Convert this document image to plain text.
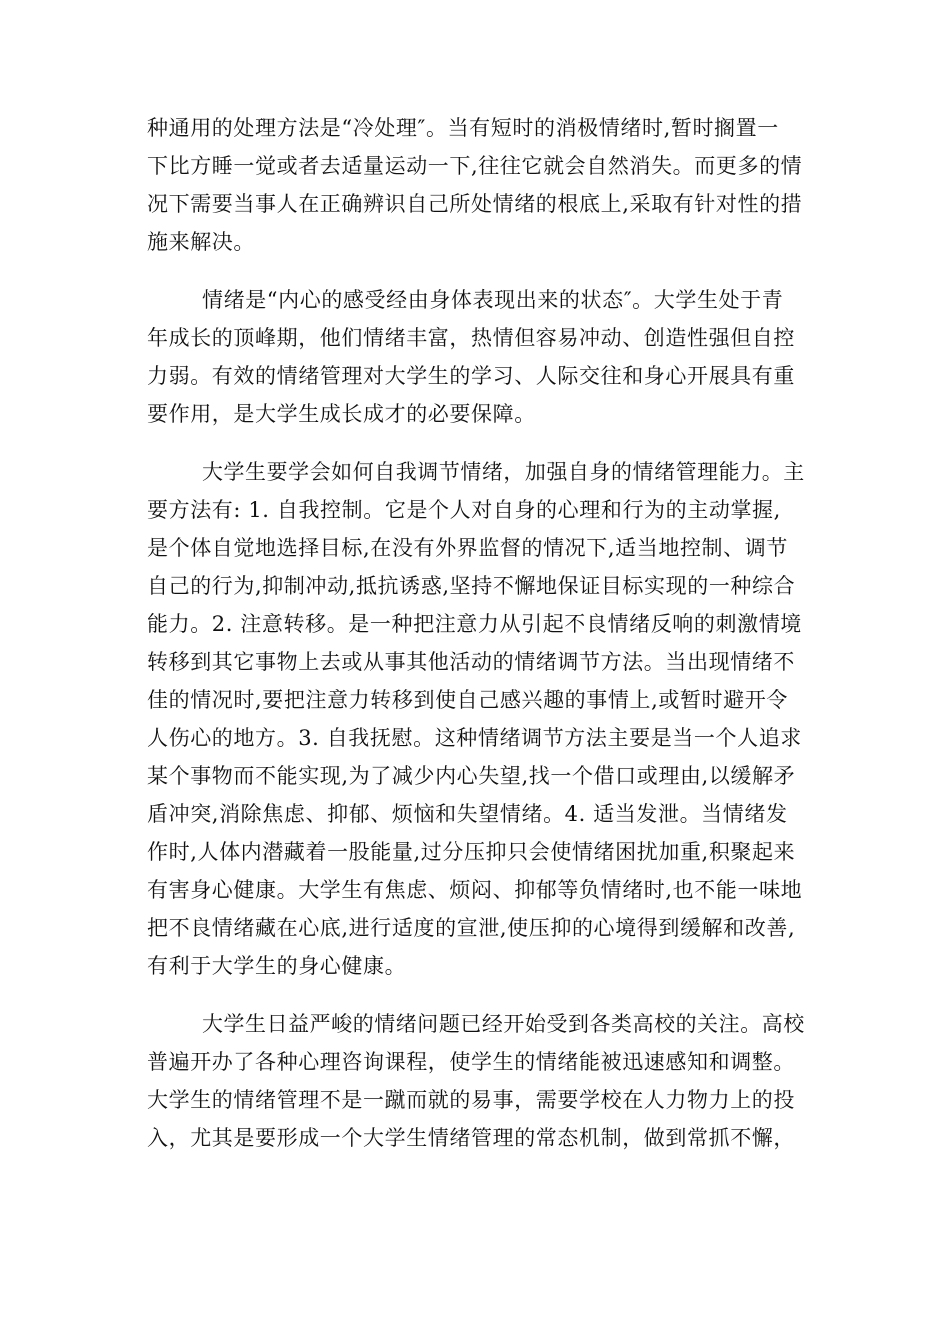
种通用的处理方法是“冷处理″。当有短时的消极情绪时,暂时搁置一
下比方睡一觉或者去适量运动一下,往往它就会自然消失。而更多的情
况下需要当事人在正确辨识自己所处情绪的根底上,采取有针对性的措
施来解决。
情绪是“内心的感受经由身体表现出来的状态″。大学生处于青
年成长的顶峰期，他们情绪丰富，热情但容易冲动、创造性强但自控
力弱。有效的情绪管理对大学生的学习、人际交往和身心开展具有重
要作用，是大学生成长成才的必要保障。
大学生要学会如何自我调节情绪，加强自身的情绪管理能力。主
要方法有: 1. 自我控制。它是个人对自身的心理和行为的主动掌握,
是个体自觉地选择目标,在没有外界监督的情况下,适当地控制、调节
自己的行为,抑制冲动,抵抗诱惑,坚持不懈地保证目标实现的一种综合
能力。2. 注意转移。是一种把注意力从引起不良情绪反响的刺激情境
转移到其它事物上去或从事其他活动的情绪调节方法。当出现情绪不
佳的情况时,要把注意力转移到使自己感兴趣的事情上,或暂时避开令
人伤心的地方。3. 自我抚慰。这种情绪调节方法主要是当一个人追求
某个事物而不能实现,为了减少内心失望,找一个借口或理由,以缓解矛
盾冲突,消除焦虑、抑郁、烦恼和失望情绪。4. 适当发泄。当情绪发
作时,人体内潜藏着一股能量,过分压抑只会使情绪困扰加重,积聚起来
有害身心健康。大学生有焦虑、烦闷、抑郁等负情绪时,也不能一味地
把不良情绪藏在心底,进行适度的宣泄,使压抑的心境得到缓解和改善,
有利于大学生的身心健康。
大学生日益严峻的情绪问题已经开始受到各类高校的关注。高校
普遍开办了各种心理咨询课程，使学生的情绪能被迅速感知和调整。
大学生的情绪管理不是一蹴而就的易事，需要学校在人力物力上的投
入，尤其是要形成一个大学生情绪管理的常态机制，做到常抓不懈，
